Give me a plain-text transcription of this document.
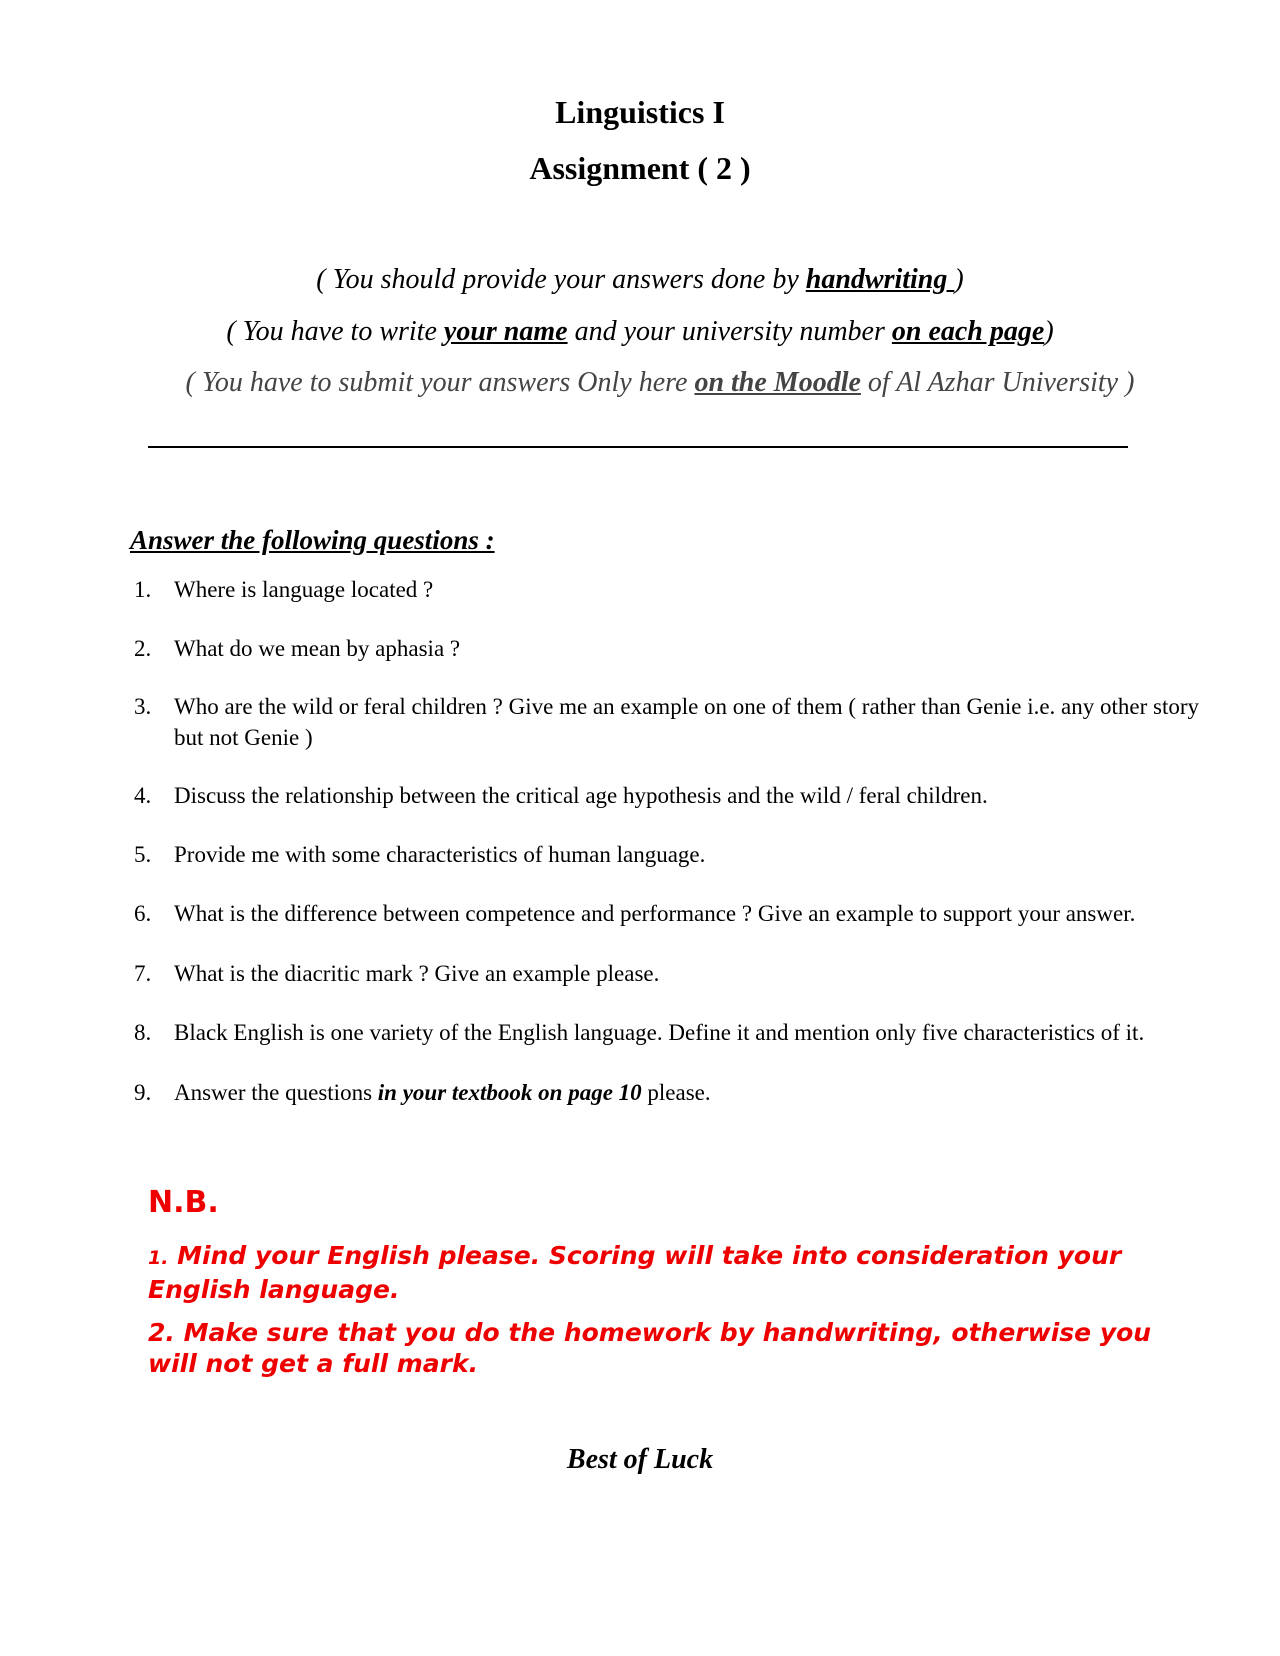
Linguistics I
Assignment ( 2 )
( You should provide your answers done by handwriting )
( You have to write your name and your university number on each page)
( You have to submit your answers Only here on the Moodle of Al Azhar University )
Answer the following questions :
1. Where is language located ?
2. What do we mean by aphasia ?
3. Who are the wild or feral children ? Give me an example on one of them ( rather than Genie i.e. any other story but not Genie )
4. Discuss the relationship between the critical age hypothesis and the wild / feral children.
5. Provide me with some characteristics of human language.
6. What is the difference between competence and performance ? Give an example to support your answer.
7. What is the diacritic mark ? Give an example please.
8. Black English is one variety of the English language. Define it and mention only five characteristics of it.
9. Answer the questions in your textbook on page 10 please.
N.B.
1. Mind your English please. Scoring will take into consideration your English language.
2. Make sure that you do the homework by handwriting, otherwise you will not get a full mark.
Best of Luck
